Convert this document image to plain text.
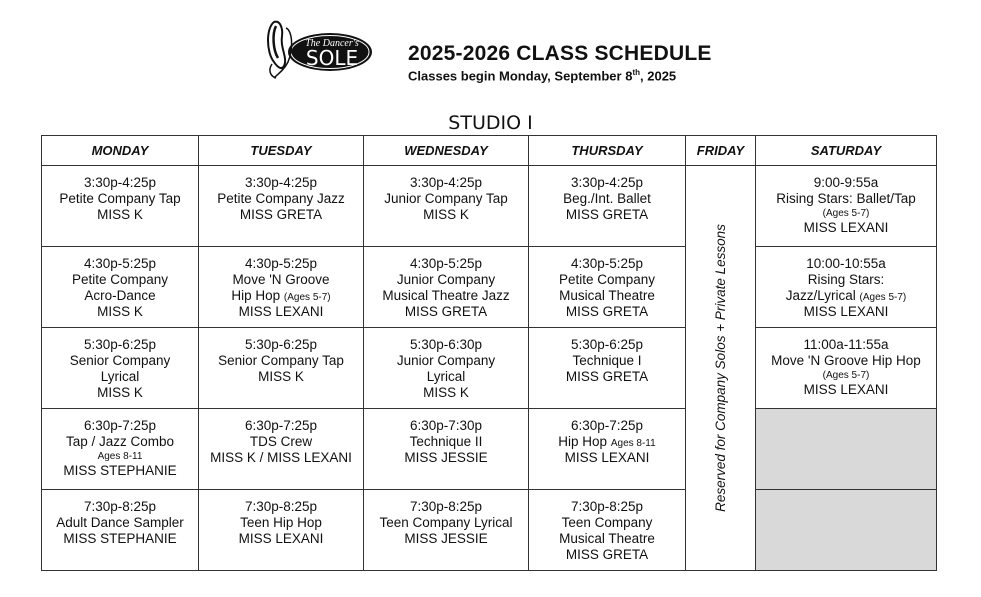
The Dancer's
SOLE 2025-2026 CLASS SCHEDULE
Classes begin Monday, September 8th, 2025
STUDIO I
MONDAY	TUESDAY	WEDNESDAY	THURSDAY	FRIDAY	SATURDAY

3:30p-4:25p
Petite Company Tap
MISS K	3:30p-4:25p
Petite Company Jazz
MISS GRETA	3:30p-4:25p
Junior Company Tap
MISS K	3:30p-4:25p
Beg./Int. Ballet
MISS GRETA	Reserved for Company Solos + Private Lessons	9:00-9:55a
Rising Stars: Ballet/Tap
(Ages 5-7)
MISS LEXANI

4:30p-5:25p
Petite Company
Acro-Dance
MISS K	4:30p-5:25p
Move 'N Groove
Hip Hop (Ages 5-7)
MISS LEXANI	4:30p-5:25p
Junior Company
Musical Theatre Jazz
MISS GRETA	4:30p-5:25p
Petite Company
Musical Theatre
MISS GRETA		10:00-10:55a
Rising Stars:
Jazz/Lyrical (Ages 5-7)
MISS LEXANI

5:30p-6:25p
Senior Company
Lyrical
MISS K	5:30p-6:25p
Senior Company Tap
MISS K	5:30p-6:30p
Junior Company
Lyrical
MISS K	5:30p-6:25p
Technique I
MISS GRETA		11:00a-11:55a
Move 'N Groove Hip Hop
(Ages 5-7)
MISS LEXANI

6:30p-7:25p
Tap / Jazz Combo
Ages 8-11
MISS STEPHANIE	6:30p-7:25p
TDS Crew
MISS K / MISS LEXANI	6:30p-7:30p
Technique II
MISS JESSIE	6:30p-7:25p
Hip Hop Ages 8-11
MISS LEXANI		

7:30p-8:25p
Adult Dance Sampler
MISS STEPHANIE	7:30p-8:25p
Teen Hip Hop
MISS LEXANI	7:30p-8:25p
Teen Company Lyrical
MISS JESSIE	7:30p-8:25p
Teen Company
Musical Theatre
MISS GRETA		
